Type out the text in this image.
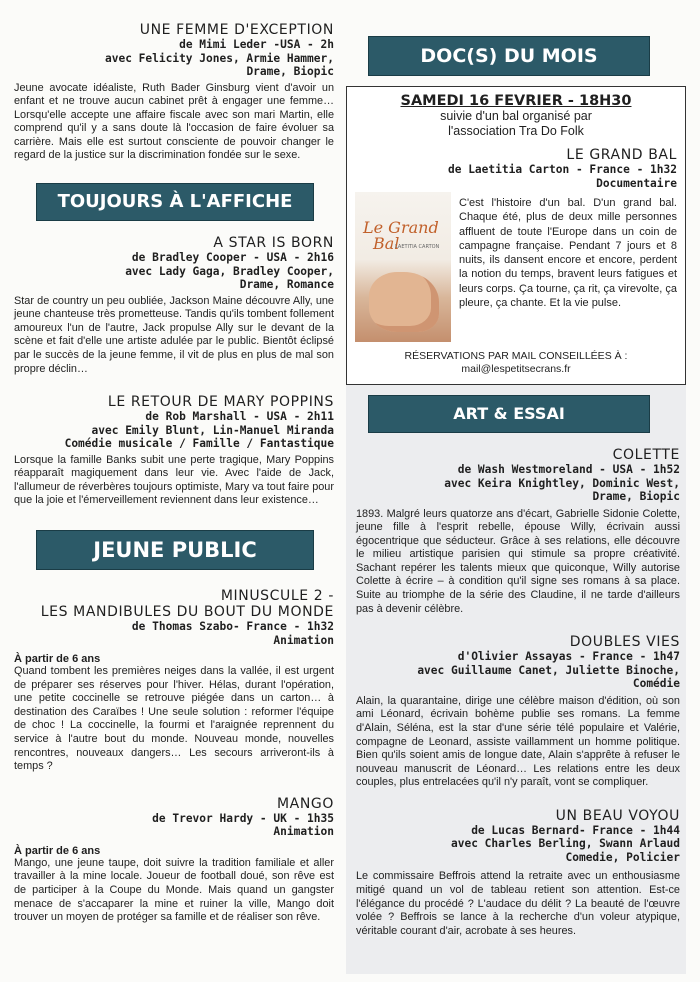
UNE FEMME D'EXCEPTION
de Mimi Leder -USA - 2h
avec Felicity Jones, Armie Hammer,
Drame, Biopic
Jeune avocate idéaliste, Ruth Bader Ginsburg vient d'avoir un enfant et ne trouve aucun cabinet prêt à engager une femme… Lorsqu'elle accepte une affaire fiscale avec son mari Martin, elle comprend qu'il y a sans doute là l'occasion de faire évoluer sa carrière. Mais elle est surtout consciente de pouvoir changer le regard de la justice sur la discrimination fondée sur le sexe.
TOUJOURS À L'AFFICHE
A STAR IS BORN
de Bradley Cooper - USA - 2h16
avec Lady Gaga, Bradley Cooper,
Drame, Romance
Star de country un peu oubliée, Jackson Maine découvre Ally, une jeune chanteuse très prometteuse. Tandis qu'ils tombent follement amoureux l'un de l'autre, Jack propulse Ally sur le devant de la scène et fait d'elle une artiste adulée par le public. Bientôt éclipsé par le succès de la jeune femme, il vit de plus en plus de mal son propre déclin…
LE RETOUR DE MARY POPPINS
de Rob Marshall - USA - 2h11
avec Emily Blunt, Lin-Manuel Miranda
Comédie musicale / Famille / Fantastique
Lorsque la famille Banks subit une perte tragique, Mary Poppins réapparaît magiquement dans leur vie. Avec l'aide de Jack, l'allumeur de réverbères toujours optimiste, Mary va tout faire pour que la joie et l'émerveillement reviennent dans leur existence…
JEUNE PUBLIC
MINUSCULE 2 -
LES MANDIBULES DU BOUT DU MONDE
de Thomas Szabo- France - 1h32
Animation
À partir de 6 ans
Quand tombent les premières neiges dans la vallée, il est urgent de préparer ses réserves pour l'hiver. Hélas, durant l'opération, une petite coccinelle se retrouve piégée dans un carton… à destination des Caraïbes ! Une seule solution : reformer l'équipe de choc ! La coccinelle, la fourmi et l'araignée reprennent du service à l'autre bout du monde. Nouveau monde, nouvelles rencontres, nouveaux dangers… Les secours arriveront-ils à temps ?
MANGO
de Trevor Hardy - UK - 1h35
Animation
À partir de 6 ans
Mango, une jeune taupe, doit suivre la tradition familiale et aller travailler à la mine locale. Joueur de football doué, son rêve est de participer à la Coupe du Monde. Mais quand un gangster menace de s'accaparer la mine et ruiner la ville, Mango doit trouver un moyen de protéger sa famille et de réaliser son rêve.
DOC(S) DU MOIS
SAMEDI 16 FEVRIER - 18H30
suivie d'un bal organisé par
l'association Tra Do Folk
LE GRAND BAL
de Laetitia Carton - France - 1h32
Documentaire
Le Grand
Bal
LAETITIA CARTON
C'est l'histoire d'un bal. D'un grand bal. Chaque été, plus de deux mille personnes affluent de toute l'Europe dans un coin de campagne française. Pendant 7 jours et 8 nuits, ils dansent encore et encore, perdent la notion du temps, bravent leurs fatigues et leurs corps. Ça tourne, ça rit, ça virevolte, ça pleure, ça chante. Et la vie pulse.
RÉSERVATIONS PAR MAIL CONSEILLÉES À :
mail@lespetitsecrans.fr
ART & ESSAI
COLETTE
de Wash Westmoreland - USA - 1h52
avec Keira Knightley, Dominic West,
Drame, Biopic
1893. Malgré leurs quatorze ans d'écart, Gabrielle Sidonie Colette, jeune fille à l'esprit rebelle, épouse Willy, écrivain aussi égocentrique que séducteur. Grâce à ses relations, elle découvre le milieu artistique parisien qui stimule sa propre créativité. Sachant repérer les talents mieux que quiconque, Willy autorise Colette à écrire – à condition qu'il signe ses romans à sa place. Suite au triomphe de la série des Claudine, il ne tarde d'ailleurs pas à devenir célèbre.
DOUBLES VIES
d'Olivier Assayas - France - 1h47
avec Guillaume Canet, Juliette Binoche,
Comédie
Alain, la quarantaine, dirige une célèbre maison d'édition, où son ami Léonard, écrivain bohème publie ses romans. La femme d'Alain, Séléna, est la star d'une série télé populaire et Valérie, compagne de Leonard, assiste vaillamment un homme politique. Bien qu'ils soient amis de longue date, Alain s'apprête à refuser le nouveau manuscrit de Léonard… Les relations entre les deux couples, plus entrelacées qu'il n'y paraît, vont se compliquer.
UN BEAU VOYOU
de Lucas Bernard- France - 1h44
avec Charles Berling, Swann Arlaud
Comedie, Policier
Le commissaire Beffrois attend la retraite avec un enthousiasme mitigé quand un vol de tableau retient son attention. Est-ce l'élégance du procédé ? L'audace du délit ? La beauté de l'œuvre volée ? Beffrois se lance à la recherche d'un voleur atypique, véritable courant d'air, acrobate à ses heures.
